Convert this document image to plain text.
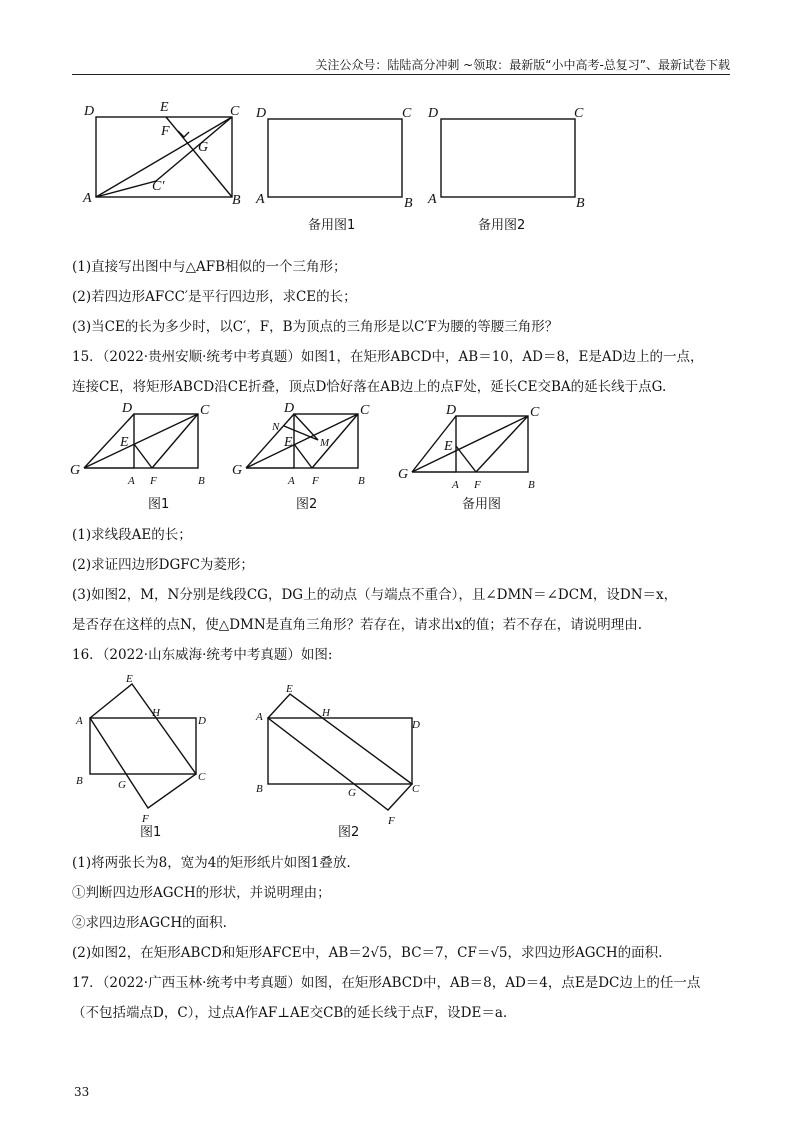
关注公众号：陆陆高分冲刺 ~领取：最新版“小中高考-总复习”、最新试卷下载
D	E	C
F
G
C′
A	B
D	C
A	B
备用图1
D	C
A	B
备用图2
(1)直接写出图中与△AFB相似的一个三角形；
(2)若四边形AFCC′是平行四边形，求CE的长；
(3)当CE的长为多少时，以C′，F，B为顶点的三角形是以C′F为腰的等腰三角形？
15．（2022·贵州安顺·统考中考真题）如图1，在矩形ABCD中，AB＝10，AD＝8，E是AD边上的一点，
连接CE，将矩形ABCD沿CE折叠，顶点D恰好落在AB边上的点F处，延长CE交BA的延长线于点G.
D	C
E
G
A F	B
图1
D	C
N
M
E
G
A F	B
图2
D	C
E
G
A F	B
备用图
(1)求线段AE的长；
(2)求证四边形DGFC为菱形；
(3)如图2，M，N分别是线段CG，DG上的动点（与端点不重合），且∠DMN＝∠DCM，设DN＝x，
是否存在这样的点N，使△DMN是直角三角形？若存在，请求出x的值；若不存在，请说明理由.
16．（2022·山东威海·统考中考真题）如图:
E
A
H
D
B	G
C
F
图1
E
A	H
D
B	G	C
F
图2
(1)将两张长为8，宽为4的矩形纸片如图1叠放.
①判断四边形AGCH的形状，并说明理由；
②求四边形AGCH的面积.
(2)如图2，在矩形ABCD和矩形AFCE中，AB＝2√5，BC＝7，CF＝√5，求四边形AGCH的面积.
17．（2022·广西玉林·统考中考真题）如图，在矩形ABCD中，AB＝8，AD＝4，点E是DC边上的任一点
（不包括端点D，C），过点A作AF⊥AE交CB的延长线于点F，设DE＝a.
33
